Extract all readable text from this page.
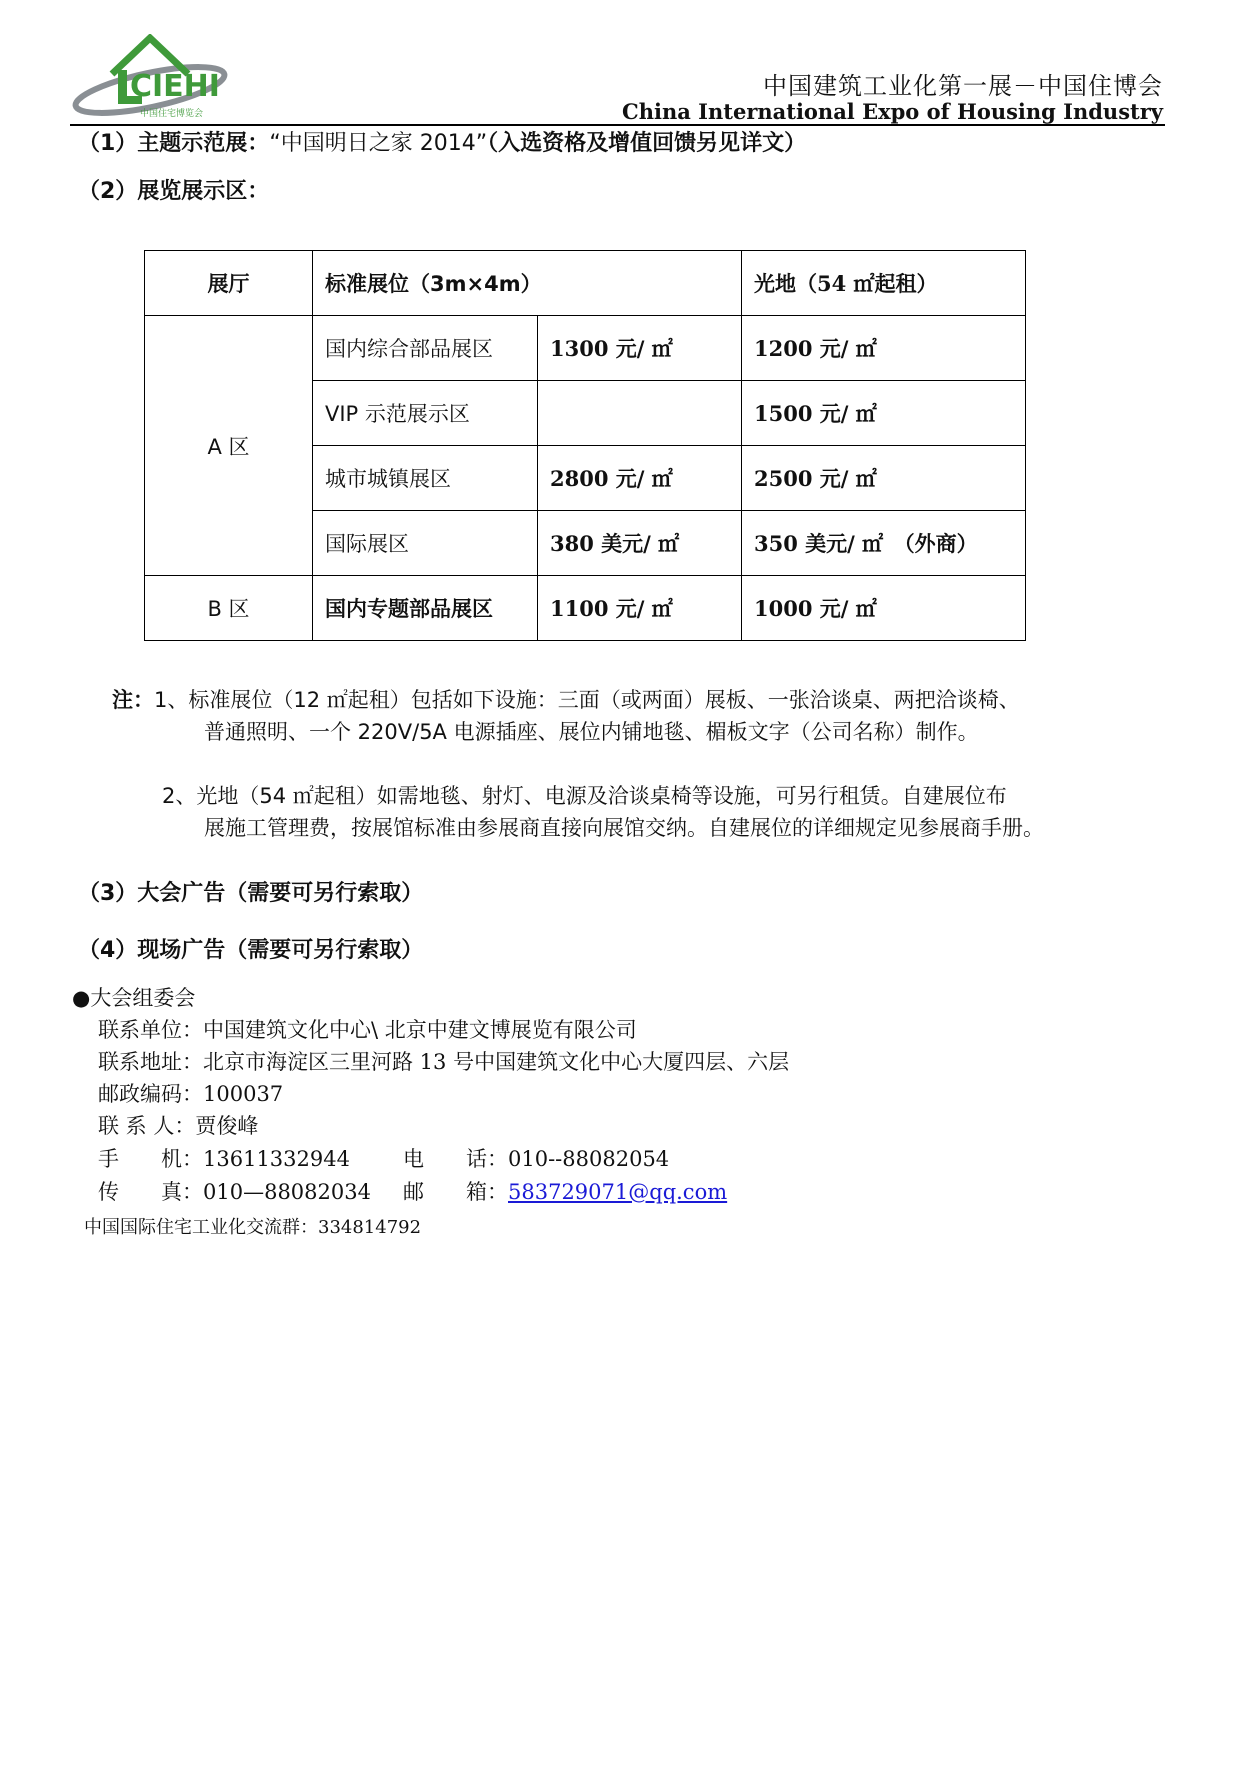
CIEHI
中国住宅博览会
中国建筑工业化第一展－中国住博会
China International Expo of Housing Industry
（1）主题示范展：“中国明日之家 2014”（入选资格及增值回馈另见详文）
（2）展览展示区：
展厅	标准展位（3m×4m）		光地（54 ㎡起租）
A 区	国内综合部品展区	1300 元/ ㎡	1200 元/ ㎡
	VIP 示范展示区		1500 元/ ㎡
	城市城镇展区	2800 元/ ㎡	2500 元/ ㎡
	国际展区	380 美元/ ㎡	350 美元/ ㎡　（外商）
B 区	国内专题部品展区	1100 元/ ㎡	1000 元/ ㎡
注：1、标准展位（12 ㎡起租）包括如下设施：三面（或两面）展板、一张洽谈桌、两把洽谈椅、
普通照明、一个 220V/5A 电源插座、展位内铺地毯、楣板文字（公司名称）制作。
2、光地（54 ㎡起租）如需地毯、射灯、电源及洽谈桌椅等设施，可另行租赁。自建展位布
展施工管理费，按展馆标准由参展商直接向展馆交纳。自建展位的详细规定见参展商手册。
（3）大会广告（需要可另行索取）
（4）现场广告（需要可另行索取）
●大会组委会
联系单位：中国建筑文化中心\ 北京中建文博展览有限公司
联系地址：北京市海淀区三里河路 13 号中国建筑文化中心大厦四层、六层
邮政编码：100037
联 系 人：贾俊峰
手　　机：13611332944	电　　话：010--88082054
传　　真：010—88082034 邮　　箱：583729071@qq.com
中国国际住宅工业化交流群：334814792
